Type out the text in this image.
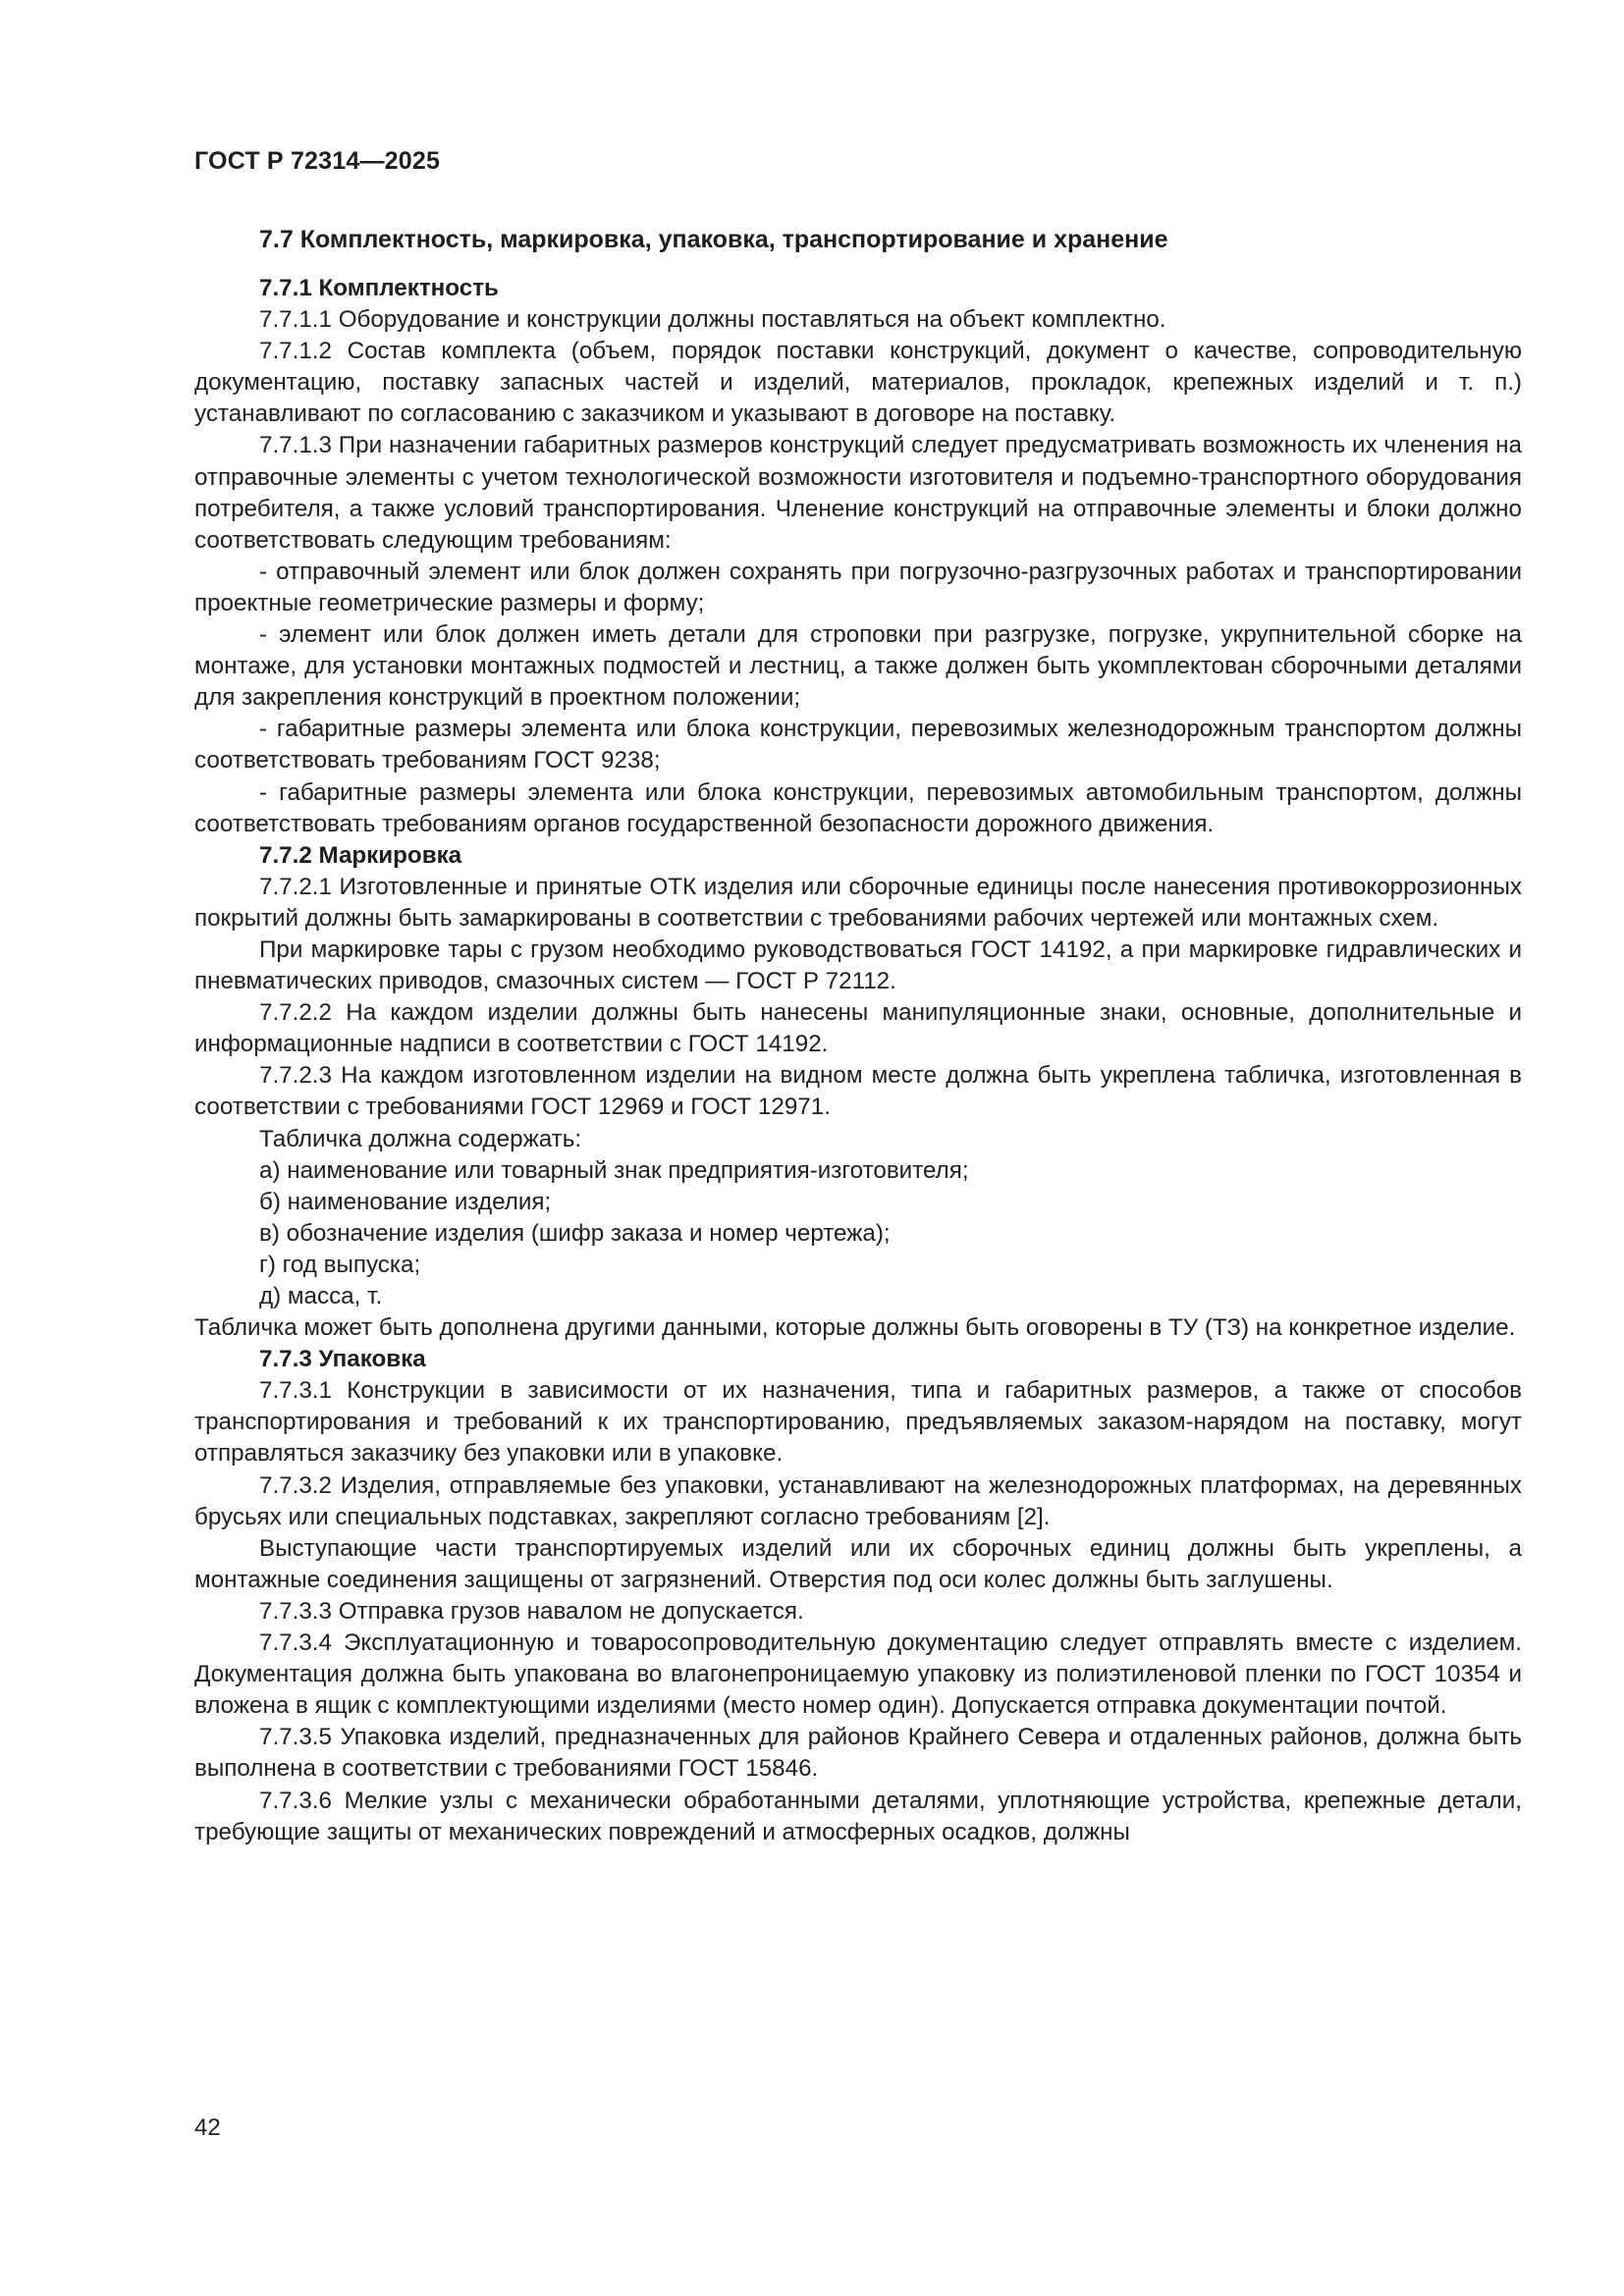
ГОСТ Р 72314—2025
7.7 Комплектность, маркировка, упаковка, транспортирование и хранение
7.7.1 Комплектность

7.7.1.1 Оборудование и конструкции должны поставляться на объект комплектно.

7.7.1.2 Состав комплекта (объем, порядок поставки конструкций, документ о качестве, сопроводительную документацию, поставку запасных частей и изделий, материалов, прокладок, крепежных изделий и т. п.) устанавливают по согласованию с заказчиком и указывают в договоре на поставку.

7.7.1.3 При назначении габаритных размеров конструкций следует предусматривать возможность их членения на отправочные элементы с учетом технологической возможности изготовителя и подъемно-транспортного оборудования потребителя, а также условий транспортирования. Членение конструкций на отправочные элементы и блоки должно соответствовать следующим требованиям:

- отправочный элемент или блок должен сохранять при погрузочно-разгрузочных работах и транспортировании проектные геометрические размеры и форму;

- элемент или блок должен иметь детали для строповки при разгрузке, погрузке, укрупнительной сборке на монтаже, для установки монтажных подмостей и лестниц, а также должен быть укомплектован сборочными деталями для закрепления конструкций в проектном положении;

- габаритные размеры элемента или блока конструкции, перевозимых железнодорожным транспортом должны соответствовать требованиям ГОСТ 9238;

- габаритные размеры элемента или блока конструкции, перевозимых автомобильным транспортом, должны соответствовать требованиям органов государственной безопасности дорожного движения.

7.7.2 Маркировка

7.7.2.1 Изготовленные и принятые ОТК изделия или сборочные единицы после нанесения противокоррозионных покрытий должны быть замаркированы в соответствии с требованиями рабочих чертежей или монтажных схем.

При маркировке тары с грузом необходимо руководствоваться ГОСТ 14192, а при маркировке гидравлических и пневматических приводов, смазочных систем — ГОСТ Р 72112.

7.7.2.2 На каждом изделии должны быть нанесены манипуляционные знаки, основные, дополнительные и информационные надписи в соответствии с ГОСТ 14192.

7.7.2.3 На каждом изготовленном изделии на видном месте должна быть укреплена табличка, изготовленная в соответствии с требованиями ГОСТ 12969 и ГОСТ 12971.

Табличка должна содержать:

а) наименование или товарный знак предприятия-изготовителя;

б) наименование изделия;

в) обозначение изделия (шифр заказа и номер чертежа);

г) год выпуска;

д) масса, т.

Табличка может быть дополнена другими данными, которые должны быть оговорены в ТУ (ТЗ) на конкретное изделие.

7.7.3 Упаковка

7.7.3.1 Конструкции в зависимости от их назначения, типа и габаритных размеров, а также от способов транспортирования и требований к их транспортированию, предъявляемых заказом-нарядом на поставку, могут отправляться заказчику без упаковки или в упаковке.

7.7.3.2 Изделия, отправляемые без упаковки, устанавливают на железнодорожных платформах, на деревянных брусьях или специальных подставках, закрепляют согласно требованиям [2].

Выступающие части транспортируемых изделий или их сборочных единиц должны быть укреплены, а монтажные соединения защищены от загрязнений. Отверстия под оси колес должны быть заглушены.

7.7.3.3 Отправка грузов навалом не допускается.

7.7.3.4 Эксплуатационную и товаросопроводительную документацию следует отправлять вместе с изделием. Документация должна быть упакована во влагонепроницаемую упаковку из полиэтиленовой пленки по ГОСТ 10354 и вложена в ящик с комплектующими изделиями (место номер один). Допускается отправка документации почтой.

7.7.3.5 Упаковка изделий, предназначенных для районов Крайнего Севера и отдаленных районов, должна быть выполнена в соответствии с требованиями ГОСТ 15846.

7.7.3.6 Мелкие узлы с механически обработанными деталями, уплотняющие устройства, крепежные детали, требующие защиты от механических повреждений и атмосферных осадков, должны

42
